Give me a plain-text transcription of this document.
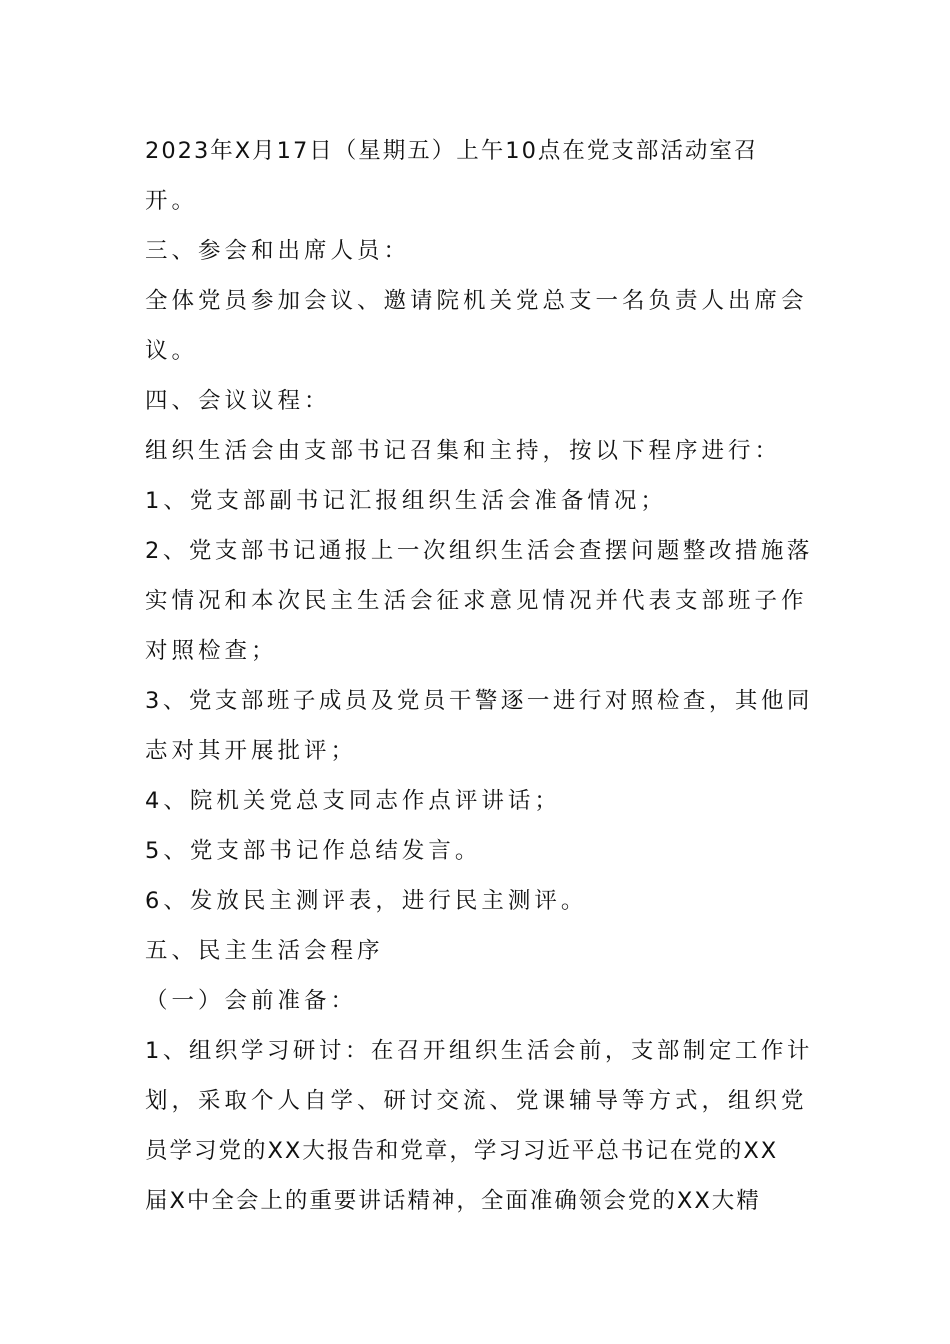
2023年X月17日（星期五）上午10点在党支部活动室召
开。
三、参会和出席人员：
全体党员参加会议、邀请院机关党总支一名负责人出席会
议。
四、会议议程：
组织生活会由支部书记召集和主持，按以下程序进行：
1、党支部副书记汇报组织生活会准备情况；
2、党支部书记通报上一次组织生活会查摆问题整改措施落
实情况和本次民主生活会征求意见情况并代表支部班子作
对照检查；
3、党支部班子成员及党员干警逐一进行对照检查，其他同
志对其开展批评；
4、院机关党总支同志作点评讲话；
5、党支部书记作总结发言。
6、发放民主测评表，进行民主测评。
五、民主生活会程序
（一）会前准备：
1、组织学习研讨：在召开组织生活会前，支部制定工作计
划，采取个人自学、研讨交流、党课辅导等方式，组织党
员学习党的XX大报告和党章，学习习近平总书记在党的XX
届X中全会上的重要讲话精神，全面准确领会党的XX大精
